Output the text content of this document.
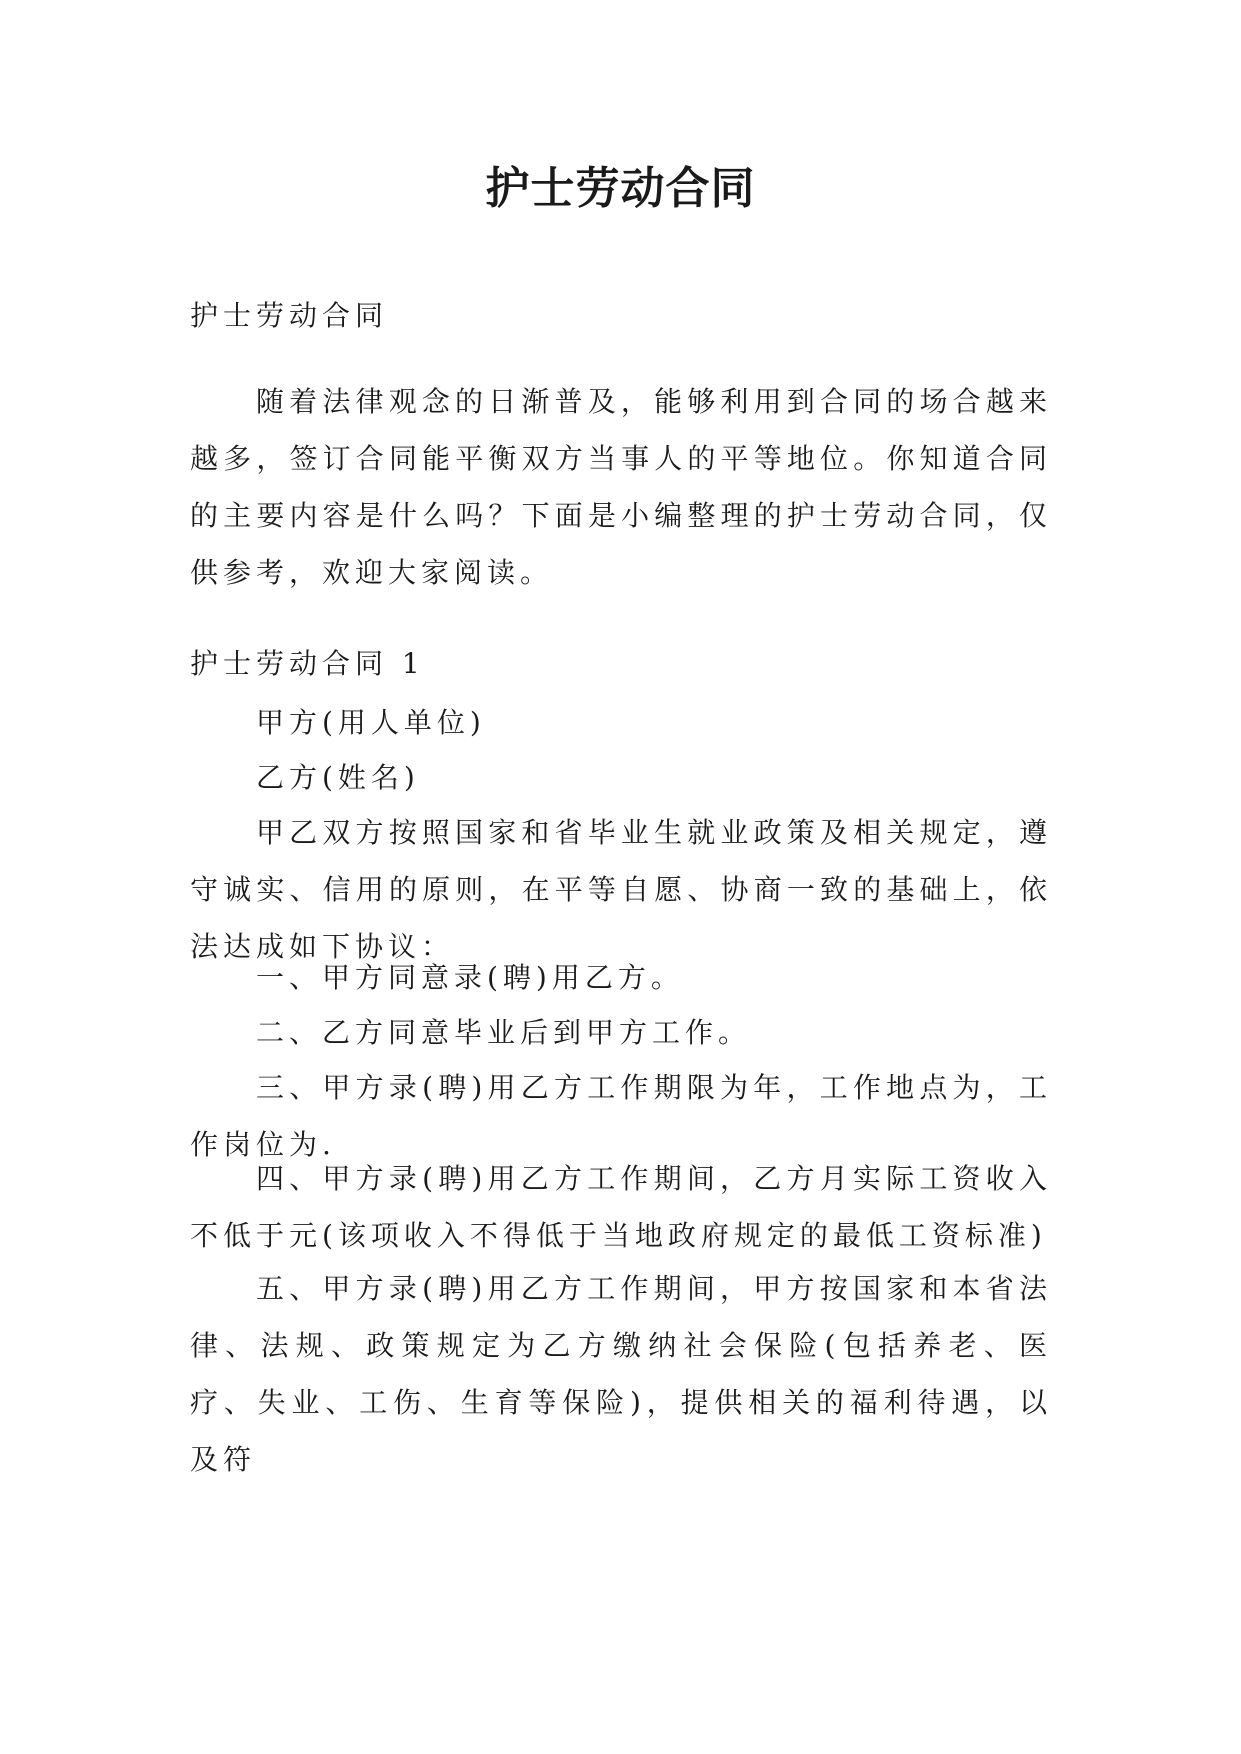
护士劳动合同

护士劳动合同

随着法律观念的日渐普及，能够利用到合同的场合越来越多，签订合同能平衡双方当事人的平等地位。你知道合同的主要内容是什么吗？下面是小编整理的护士劳动合同，仅供参考，欢迎大家阅读。

护士劳动合同 1

甲方(用人单位)

乙方(姓名)

甲乙双方按照国家和省毕业生就业政策及相关规定，遵守诚实、信用的原则，在平等自愿、协商一致的基础上，依法达成如下协议：

一、甲方同意录(聘)用乙方。

二、乙方同意毕业后到甲方工作。

三、甲方录(聘)用乙方工作期限为年，工作地点为，工作岗位为.

四、甲方录(聘)用乙方工作期间，乙方月实际工资收入不低于元(该项收入不得低于当地政府规定的最低工资标准)

五、甲方录(聘)用乙方工作期间，甲方按国家和本省法律、法规、政策规定为乙方缴纳社会保险(包括养老、医疗、失业、工伤、生育等保险)，提供相关的福利待遇，以及符
